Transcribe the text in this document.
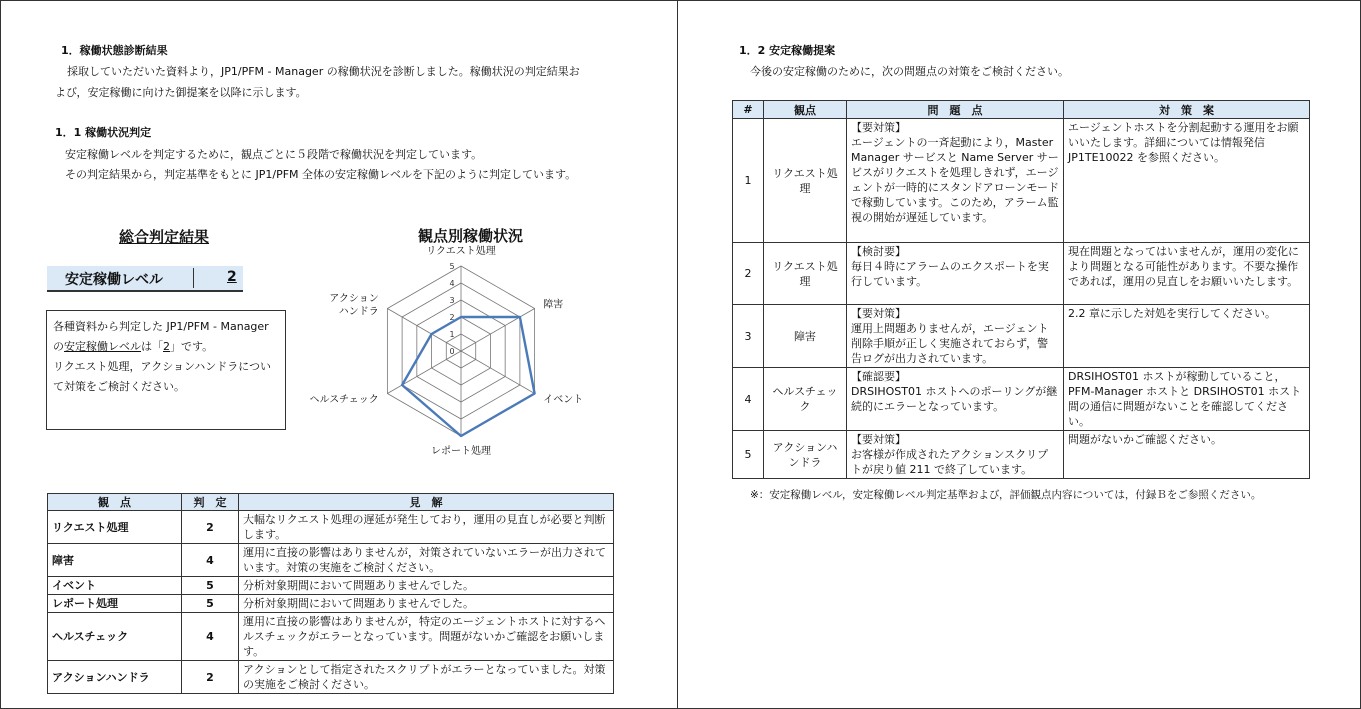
1．稼働状態診断結果
採取していただいた資料より，JP1/PFM - Manager の稼働状況を診断しました。稼働状況の判定結果お
よび，安定稼働に向けた御提案を以降に示します。
1．1 稼働状況判定
安定稼働レベルを判定するために，観点ごとに５段階で稼働状況を判定しています。
その判定結果から，判定基準をもとに JP1/PFM 全体の安定稼働レベルを下記のように判定しています。
総合判定結果
安定稼働レベル	2
各種資料から判定した JP1/PFM - Manager の安定稼働レベルは「2」です。
リクエスト処理，アクションハンドラについて対策をご検討ください。
観点別稼働状況
0
1
2
3
4
5
リクエスト処理
障害
イベント
レポート処理
ヘルスチェック
アクションハンドラ
観　点	判　定	見　解
リクエスト処理	2	大幅なリクエスト処理の遅延が発生しており，運用の見直しが必要と判断します。
障害	4	運用に直接の影響はありませんが，対策されていないエラーが出力されています。対策の実施をご検討ください。
イベント	5	分析対象期間において問題ありませんでした。
レポート処理	5	分析対象期間において問題ありませんでした。
ヘルスチェック	4	運用に直接の影響はありませんが，特定のエージェントホストに対するヘルスチェックがエラーとなっています。問題がないかご確認をお願いします。
アクションハンドラ	2	アクションとして指定されたスクリプトがエラーとなっていました。対策の実施をご検討ください。
1．2 安定稼働提案
今後の安定稼働のために，次の問題点の対策をご検討ください。
#	観点	問　題　点	対　策　案
1	リクエスト処理	【要対策】
エージェントの一斉起動により，Master Manager サービスと Name Server サービスがリクエストを処理しきれず，エージェントが一時的にスタンドアローンモードで稼動しています。このため，アラーム監視の開始が遅延しています。	エージェントホストを分割起動する運用をお願いいたします。詳細については情報発信 JP1TE10022 を参照ください。
2	リクエスト処理	【検討要】
毎日４時にアラームのエクスポートを実行しています。	現在問題となってはいませんが，運用の変化により問題となる可能性があります。不要な操作であれば，運用の見直しをお願いいたします。
3	障害	【要対策】
運用上問題ありませんが，エージェント削除手順が正しく実施されておらず，警告ログが出力されています。	2.2 章に示した対処を実行してください。
4	ヘルスチェック	【確認要】
DRSIHOST01 ホストへのポーリングが継続的にエラーとなっています。	DRSIHOST01 ホストが稼動していること，PFM-Manager ホストと DRSIHOST01 ホスト間の通信に問題がないことを確認してください。
5	アクションハンドラ	【要対策】
お客様が作成されたアクションスクリプトが戻り値 211 で終了しています。	問題がないかご確認ください。
※：安定稼働レベル，安定稼働レベル判定基準および，評価観点内容については，付録Ｂをご参照ください。
